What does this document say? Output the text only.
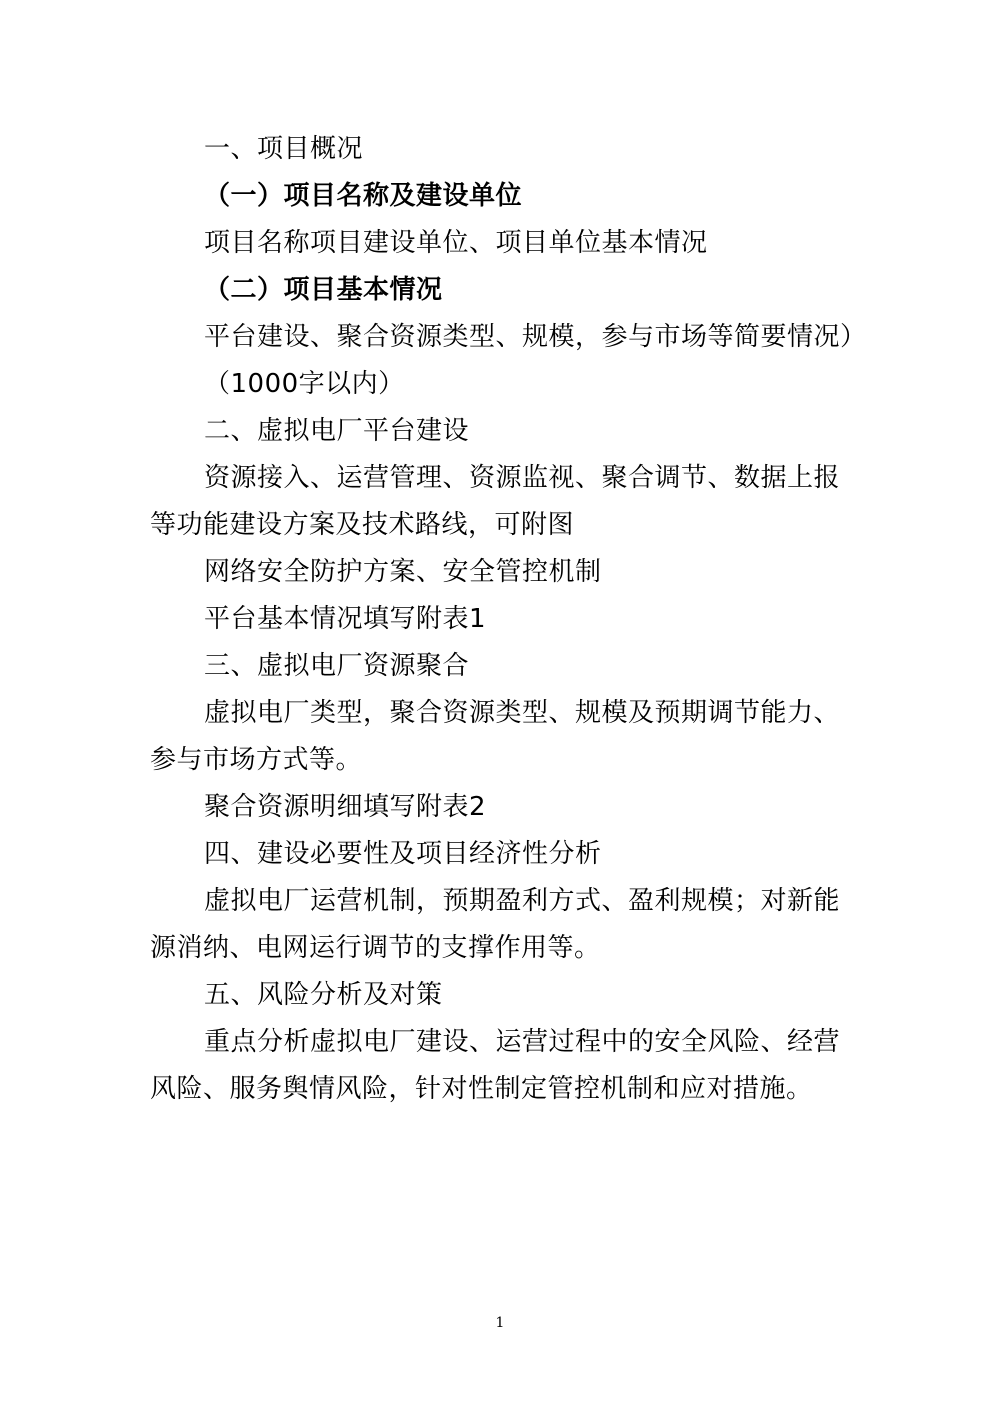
一、项目概况
（一）项目名称及建设单位
项目名称项目建设单位、项目单位基本情况
（二）项目基本情况
平台建设、聚合资源类型、规模，参与市场等简要情况）
（1000字以内）
二、虚拟电厂平台建设
资源接入、运营管理、资源监视、聚合调节、数据上报
等功能建设方案及技术路线，可附图
网络安全防护方案、安全管控机制
平台基本情况填写附表1
三、虚拟电厂资源聚合
虚拟电厂类型，聚合资源类型、规模及预期调节能力、
参与市场方式等。
聚合资源明细填写附表2
四、建设必要性及项目经济性分析
虚拟电厂运营机制，预期盈利方式、盈利规模；对新能
源消纳、电网运行调节的支撑作用等。
五、风险分析及对策
重点分析虚拟电厂建设、运营过程中的安全风险、经营
风险、服务舆情风险，针对性制定管控机制和应对措施。
1
